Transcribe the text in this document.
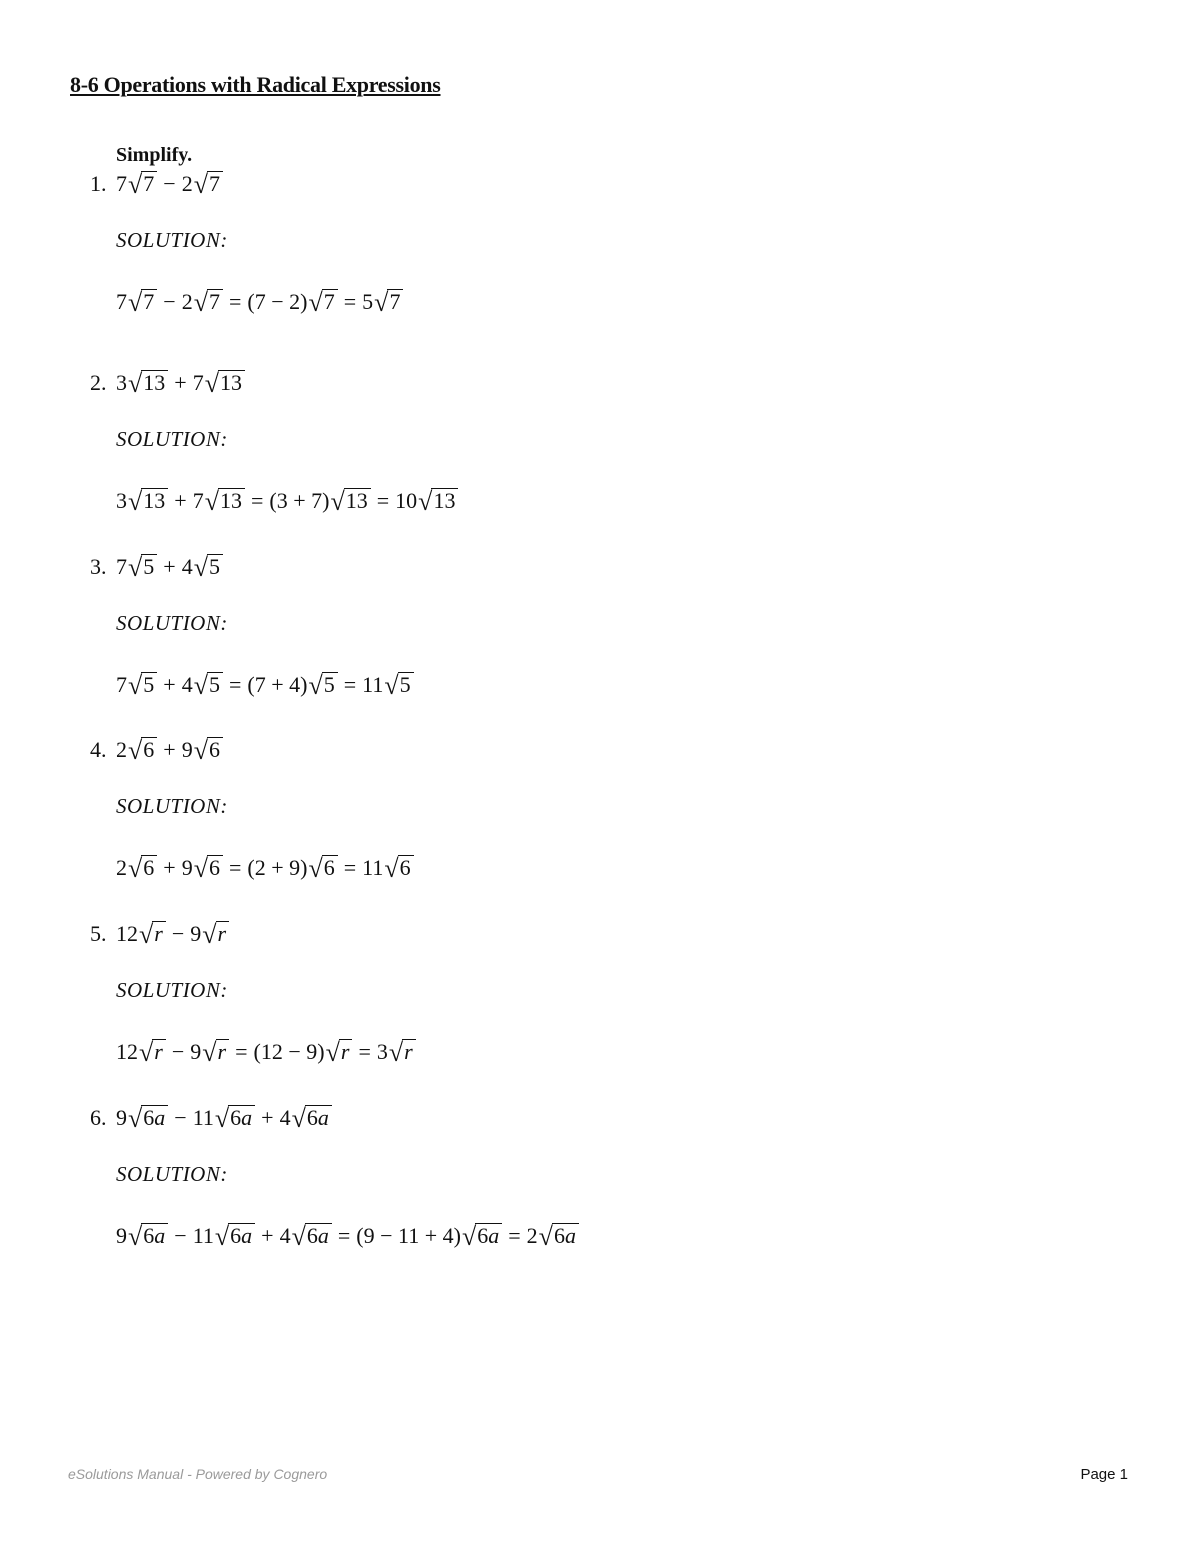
8-6 Operations with Radical Expressions
Simplify.
1. 7 √ 7 − 2 √ 7
SOLUTION:
7 √ 7 − 2 √ 7 = (7 − 2) √ 7 = 5 √ 7
2. 3 √ 13 + 7 √ 13
SOLUTION:
3 √ 13 + 7 √ 13 = (3 + 7) √ 13 = 10 √ 13
3. 7 √ 5 + 4 √ 5
SOLUTION:
7 √ 5 + 4 √ 5 = (7 + 4) √ 5 = 11 √ 5
4. 2 √ 6 + 9 √ 6
SOLUTION:
2 √ 6 + 9 √ 6 = (2 + 9) √ 6 = 11 √ 6
5. 12 √ r − 9 √ r
SOLUTION:
12 √ r − 9 √ r = (12 − 9) √ r = 3 √ r
6. 9 √ 6a − 11 √ 6a + 4 √ 6a
SOLUTION:
9 √ 6a − 11 √ 6a + 4 √ 6a = (9 − 11 + 4) √ 6a = 2 √ 6a
eSolutions Manual - Powered by Cognero	Page 1
